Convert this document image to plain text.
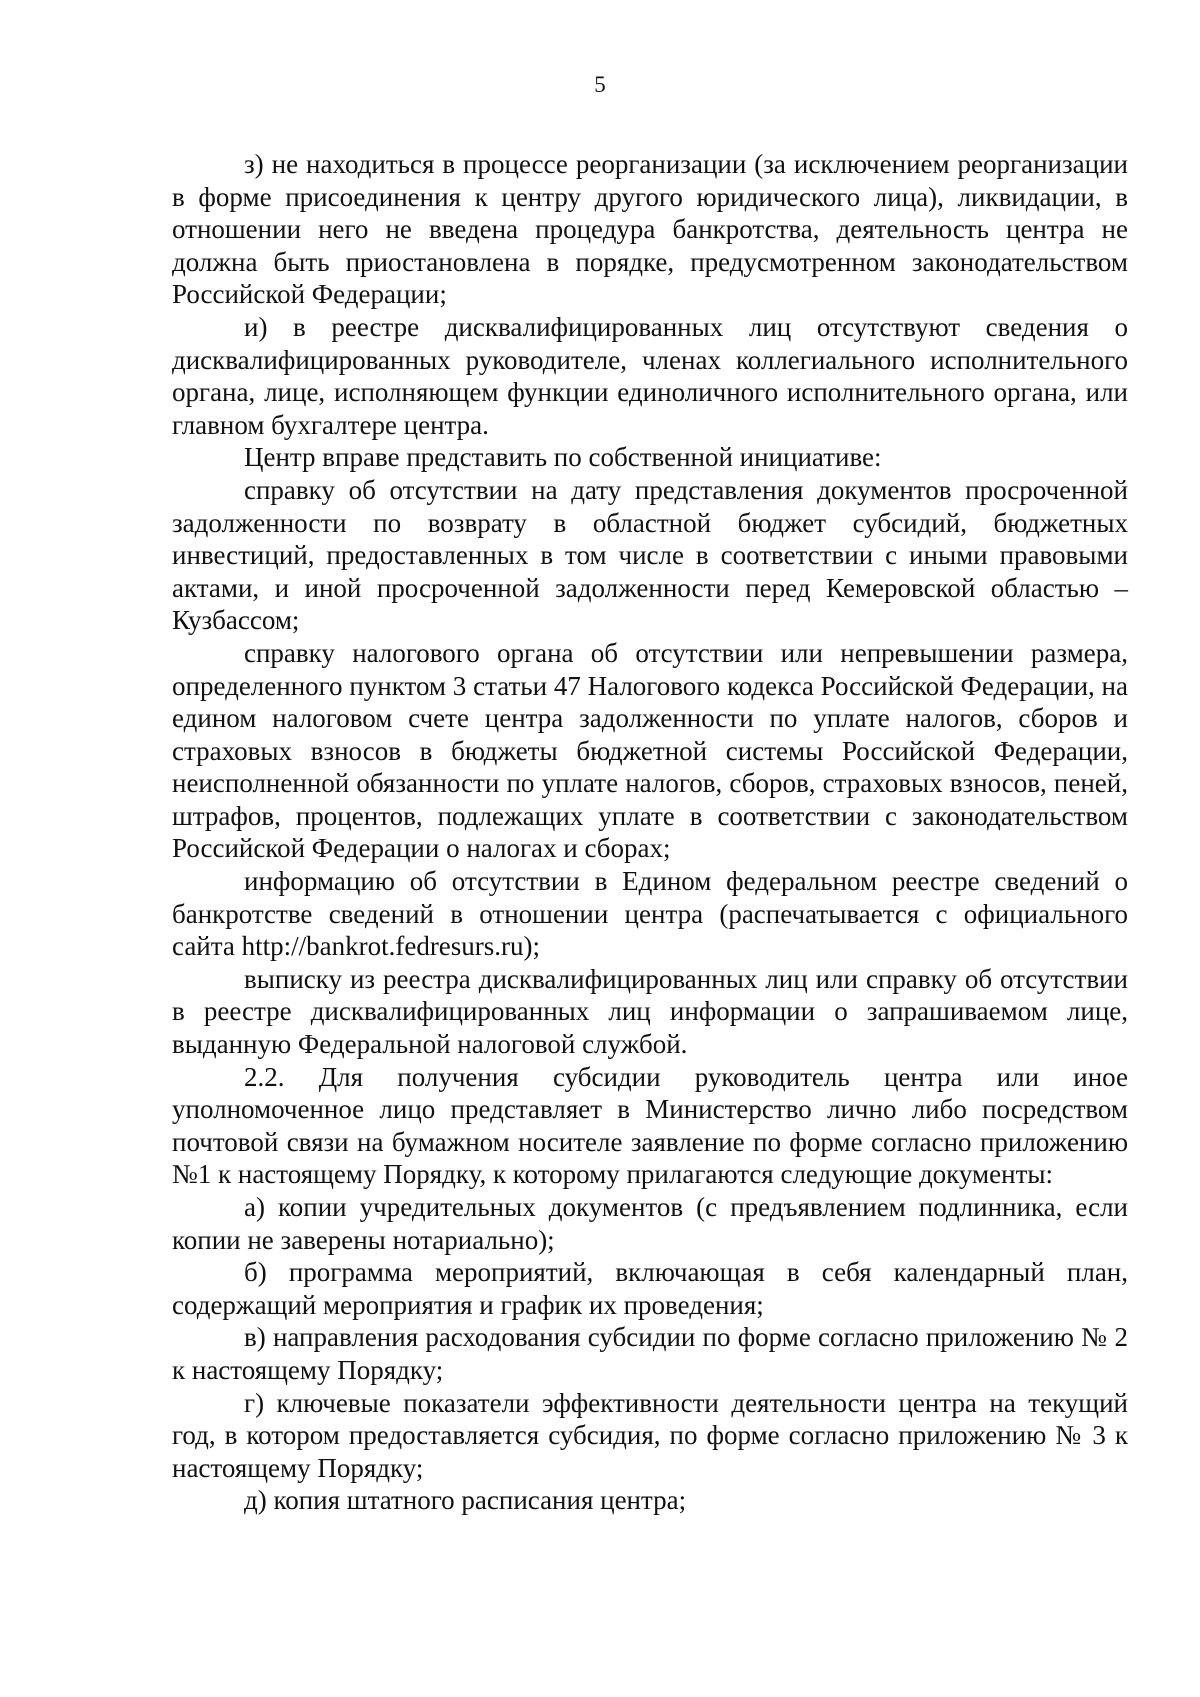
5

з) не находиться в процессе реорганизации (за исключением реорганизации в форме присоединения к центру другого юридического лица), ликвидации, в отношении него не введена процедура банкротства, деятельность центра не должна быть приостановлена в порядке, предусмотренном законодательством Российской Федерации;

и) в реестре дисквалифицированных лиц отсутствуют сведения о дисквалифицированных руководителе, членах коллегиального исполнительного органа, лице, исполняющем функции единоличного исполнительного органа, или главном бухгалтере центра.

Центр вправе представить по собственной инициативе:

справку об отсутствии на дату представления документов просроченной задолженности по возврату в областной бюджет субсидий, бюджетных инвестиций, предоставленных в том числе в соответствии с иными правовыми актами, и иной просроченной задолженности перед Кемеровской областью – Кузбассом;

справку налогового органа об отсутствии или непревышении размера, определенного пунктом 3 статьи 47 Налогового кодекса Российской Федерации, на едином налоговом счете центра задолженности по уплате налогов, сборов и страховых взносов в бюджеты бюджетной системы Российской Федерации, неисполненной обязанности по уплате налогов, сборов, страховых взносов, пеней, штрафов, процентов, подлежащих уплате в соответствии с законодательством Российской Федерации о налогах и сборах;

информацию об отсутствии в Едином федеральном реестре сведений о банкротстве сведений в отношении центра (распечатывается с официального сайта http://bankrot.fedresurs.ru);

выписку из реестра дисквалифицированных лиц или справку об отсутствии в реестре дисквалифицированных лиц информации о запрашиваемом лице, выданную Федеральной налоговой службой.

2.2. Для получения субсидии руководитель центра или иное уполномоченное лицо представляет в Министерство лично либо посредством почтовой связи на бумажном носителе заявление по форме согласно приложению №1 к настоящему Порядку, к которому прилагаются следующие документы:

а) копии учредительных документов (с предъявлением подлинника, если копии не заверены нотариально);

б) программа мероприятий, включающая в себя календарный план, содержащий мероприятия и график их проведения;

в) направления расходования субсидии по форме согласно приложению № 2 к настоящему Порядку;

г) ключевые показатели эффективности деятельности центра на текущий год, в котором предоставляется субсидия, по форме согласно приложению № 3 к настоящему Порядку;

д) копия штатного расписания центра;
